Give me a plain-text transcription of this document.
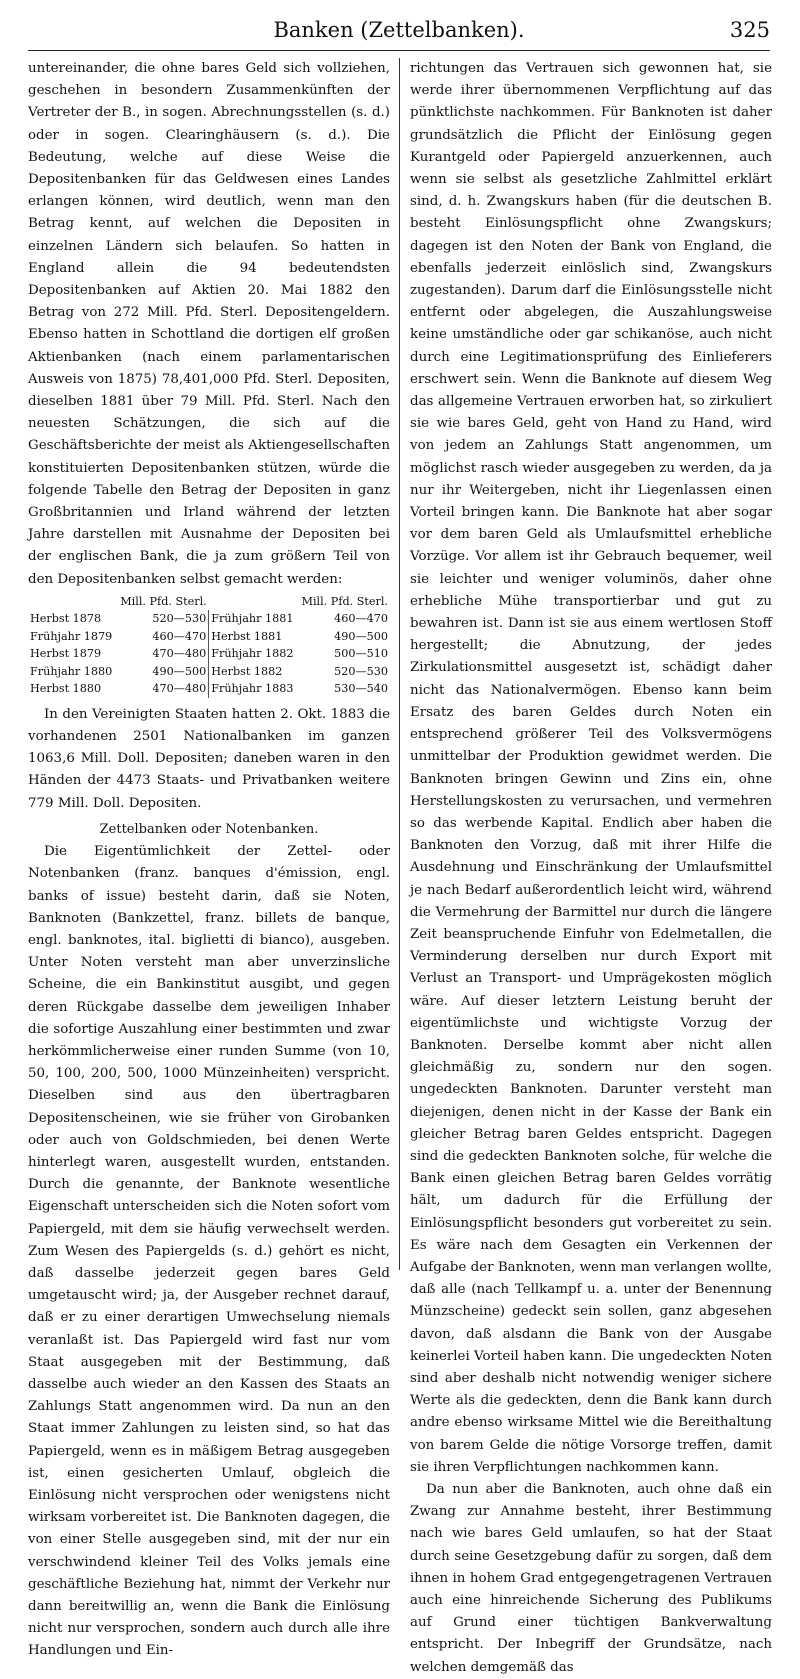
Banken (Zettelbanken).	325

untereinander, die ohne bares Geld sich vollziehen, geschehen in besondern Zusammenkünften der Vertreter der B., in sogen. Abrechnungsstellen (s. d.) oder in sogen. Clearinghäusern (s. d.). Die Bedeutung, welche auf diese Weise die Depositenbanken für das Geldwesen eines Landes erlangen können, wird deutlich, wenn man den Betrag kennt, auf welchen die Depositen in einzelnen Ländern sich belaufen. So hatten in England allein die 94 bedeutendsten Depositenbanken auf Aktien 20. Mai 1882 den Betrag von 272 Mill. Pfd. Sterl. Depositengeldern. Ebenso hatten in Schottland die dortigen elf großen Aktienbanken (nach einem parlamentarischen Ausweis von 1875) 78,401,000 Pfd. Sterl. Depositen, dieselben 1881 über 79 Mill. Pfd. Sterl. Nach den neuesten Schätzungen, die sich auf die Geschäftsberichte der meist als Aktiengesellschaften konstituierten Depositenbanken stützen, würde die folgende Tabelle den Betrag der Depositen in ganz Großbritannien und Irland während der letzten Jahre darstellen mit Ausnahme der Depositen bei der englischen Bank, die ja zum größern Teil von den Depositenbanken selbst gemacht werden:

	Mill. Pfd. Sterl.		Mill. Pfd. Sterl.
Herbst 1878	520—530	Frühjahr 1881	460—470
Frühjahr 1879	460—470	Herbst 1881	490—500
Herbst 1879	470—480	Frühjahr 1882	500—510
Frühjahr 1880	490—500	Herbst 1882	520—530
Herbst 1880	470—480	Frühjahr 1883	530—540

In den Vereinigten Staaten hatten 2. Okt. 1883 die vorhandenen 2501 Nationalbanken im ganzen 1063,6 Mill. Doll. Depositen; daneben waren in den Händen der 4473 Staats- und Privatbanken weitere 779 Mill. Doll. Depositen.

Zettelbanken oder Notenbanken.

Die Eigentümlichkeit der Zettel- oder Notenbanken (franz. banques d'émission, engl. banks of issue) besteht darin, daß sie Noten, Banknoten (Bankzettel, franz. billets de banque, engl. banknotes, ital. biglietti di bianco), ausgeben. Unter Noten versteht man aber unverzinsliche Scheine, die ein Bankinstitut ausgibt, und gegen deren Rückgabe dasselbe dem jeweiligen Inhaber die sofortige Auszahlung einer bestimmten und zwar herkömmlicherweise einer runden Summe (von 10, 50, 100, 200, 500, 1000 Münzeinheiten) verspricht. Dieselben sind aus den übertragbaren Depositenscheinen, wie sie früher von Girobanken oder auch von Goldschmieden, bei denen Werte hinterlegt waren, ausgestellt wurden, entstanden. Durch die genannte, der Banknote wesentliche Eigenschaft unterscheiden sich die Noten sofort vom Papiergeld, mit dem sie häufig verwechselt werden. Zum Wesen des Papiergelds (s. d.) gehört es nicht, daß dasselbe jederzeit gegen bares Geld umgetauscht wird; ja, der Ausgeber rechnet darauf, daß er zu einer derartigen Umwechselung niemals veranlaßt ist. Das Papiergeld wird fast nur vom Staat ausgegeben mit der Bestimmung, daß dasselbe auch wieder an den Kassen des Staats an Zahlungs Statt angenommen wird. Da nun an den Staat immer Zahlungen zu leisten sind, so hat das Papiergeld, wenn es in mäßigem Betrag ausgegeben ist, einen gesicherten Umlauf, obgleich die Einlösung nicht versprochen oder wenigstens nicht wirksam vorbereitet ist. Die Banknoten dagegen, die von einer Stelle ausgegeben sind, mit der nur ein verschwindend kleiner Teil des Volks jemals eine geschäftliche Beziehung hat, nimmt der Verkehr nur dann bereitwillig an, wenn die Bank die Einlösung nicht nur versprochen, sondern auch durch alle ihre Handlungen und Ein-

richtungen das Vertrauen sich gewonnen hat, sie werde ihrer übernommenen Verpflichtung auf das pünktlichste nachkommen. Für Banknoten ist daher grundsätzlich die Pflicht der Einlösung gegen Kurantgeld oder Papiergeld anzuerkennen, auch wenn sie selbst als gesetzliche Zahlmittel erklärt sind, d. h. Zwangskurs haben (für die deutschen B. besteht Einlösungspflicht ohne Zwangskurs; dagegen ist den Noten der Bank von England, die ebenfalls jederzeit einlöslich sind, Zwangskurs zugestanden). Darum darf die Einlösungsstelle nicht entfernt oder abgelegen, die Auszahlungsweise keine umständliche oder gar schikanöse, auch nicht durch eine Legitimationsprüfung des Einlieferers erschwert sein. Wenn die Banknote auf diesem Weg das allgemeine Vertrauen erworben hat, so zirkuliert sie wie bares Geld, geht von Hand zu Hand, wird von jedem an Zahlungs Statt angenommen, um möglichst rasch wieder ausgegeben zu werden, da ja nur ihr Weitergeben, nicht ihr Liegenlassen einen Vorteil bringen kann. Die Banknote hat aber sogar vor dem baren Geld als Umlaufsmittel erhebliche Vorzüge. Vor allem ist ihr Gebrauch bequemer, weil sie leichter und weniger voluminös, daher ohne erhebliche Mühe transportierbar und gut zu bewahren ist. Dann ist sie aus einem wertlosen Stoff hergestellt; die Abnutzung, der jedes Zirkulationsmittel ausgesetzt ist, schädigt daher nicht das Nationalvermögen. Ebenso kann beim Ersatz des baren Geldes durch Noten ein entsprechend größerer Teil des Volksvermögens unmittelbar der Produktion gewidmet werden. Die Banknoten bringen Gewinn und Zins ein, ohne Herstellungskosten zu verursachen, und vermehren so das werbende Kapital. Endlich aber haben die Banknoten den Vorzug, daß mit ihrer Hilfe die Ausdehnung und Einschränkung der Umlaufsmittel je nach Bedarf außerordentlich leicht wird, während die Vermehrung der Barmittel nur durch die längere Zeit beanspruchende Einfuhr von Edelmetallen, die Verminderung derselben nur durch Export mit Verlust an Transport- und Umprägekosten möglich wäre. Auf dieser letztern Leistung beruht der eigentümlichste und wichtigste Vorzug der Banknoten. Derselbe kommt aber nicht allen gleichmäßig zu, sondern nur den sogen. ungedeckten Banknoten. Darunter versteht man diejenigen, denen nicht in der Kasse der Bank ein gleicher Betrag baren Geldes entspricht. Dagegen sind die gedeckten Banknoten solche, für welche die Bank einen gleichen Betrag baren Geldes vorrätig hält, um dadurch für die Erfüllung der Einlösungspflicht besonders gut vorbereitet zu sein. Es wäre nach dem Gesagten ein Verkennen der Aufgabe der Banknoten, wenn man verlangen wollte, daß alle (nach Tellkampf u. a. unter der Benennung Münzscheine) gedeckt sein sollen, ganz abgesehen davon, daß alsdann die Bank von der Ausgabe keinerlei Vorteil haben kann. Die ungedeckten Noten sind aber deshalb nicht notwendig weniger sichere Werte als die gedeckten, denn die Bank kann durch andre ebenso wirksame Mittel wie die Bereithaltung von barem Gelde die nötige Vorsorge treffen, damit sie ihren Verpflichtungen nachkommen kann.

Da nun aber die Banknoten, auch ohne daß ein Zwang zur Annahme besteht, ihrer Bestimmung nach wie bares Geld umlaufen, so hat der Staat durch seine Gesetzgebung dafür zu sorgen, daß dem ihnen in hohem Grad entgegengetragenen Vertrauen auch eine hinreichende Sicherung des Publikums auf Grund einer tüchtigen Bankverwaltung entspricht. Der Inbegriff der Grundsätze, nach welchen demgemäß das
